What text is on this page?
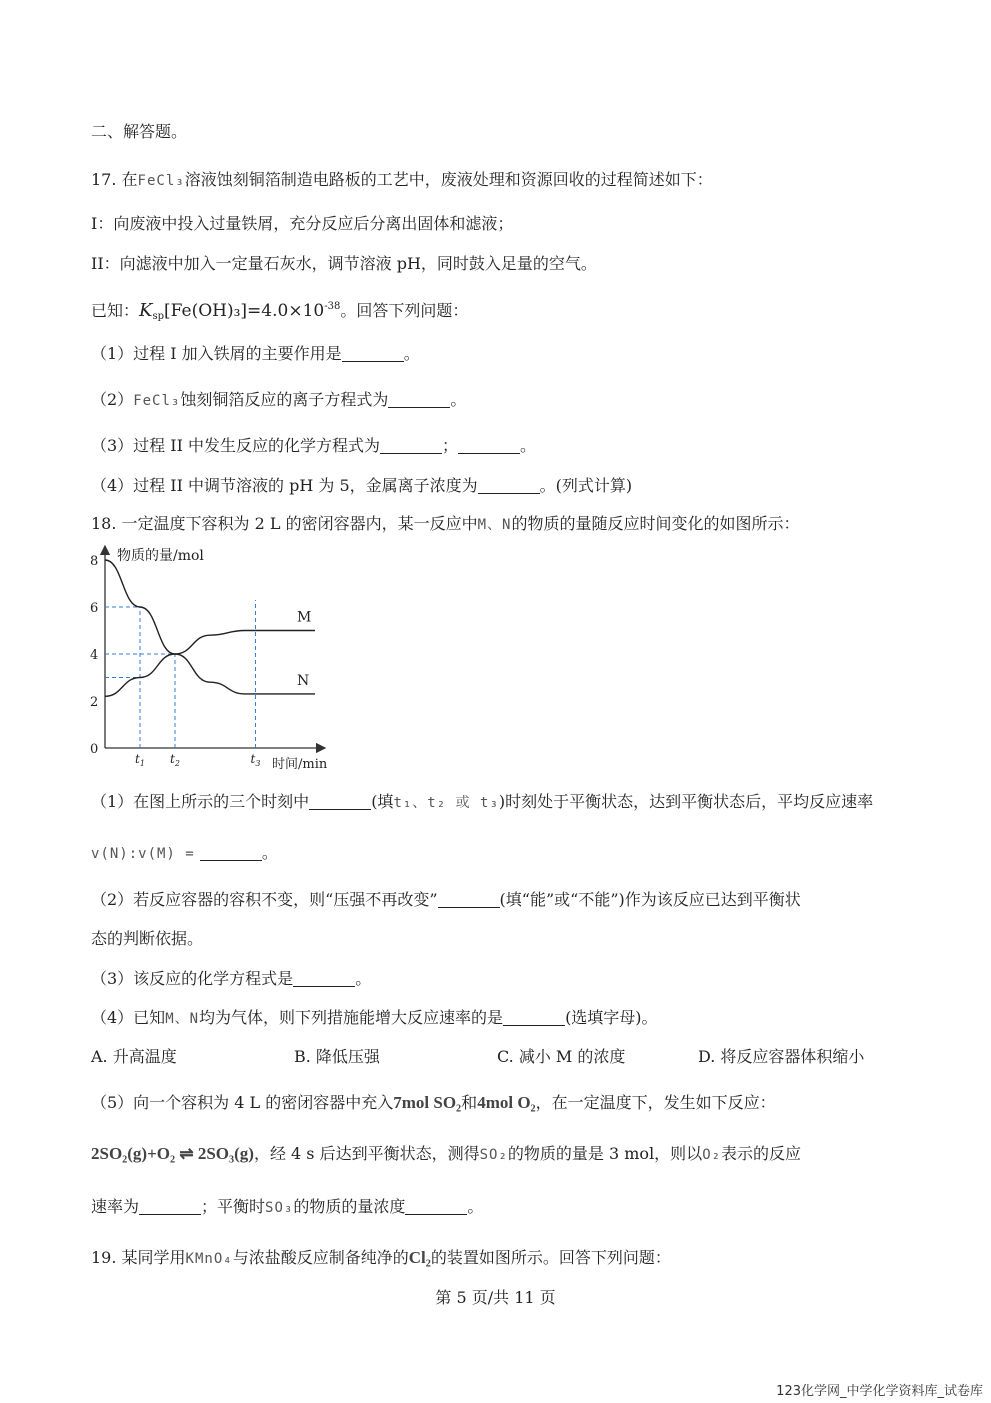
二、解答题。
17. 在FeCl₃溶液蚀刻铜箔制造电路板的工艺中，废液处理和资源回收的过程简述如下：
I：向废液中投入过量铁屑，充分反应后分离出固体和滤液；
II：向滤液中加入一定量石灰水，调节溶液 pH，同时鼓入足量的空气。
已知：$K_{sp}[Fe(OH)_3]=4.0\times 10^{-38}$。回答下列问题：
（1）过程 I 加入铁屑的主要作用是	。
（2）FeCl₃蚀刻铜箔反应的离子方程式为	。
（3）过程 II 中发生反应的化学方程式为	；	。
（4）过程 II 中调节溶液的 pH 为 5，金属离子浓度为	。(列式计算)
18. 一定温度下容积为 2 L 的密闭容器内，某一反应中M、N的物质的量随反应时间变化的如图所示：
物质的量/mol
时间/min
8
6
4
2
0
$t_1$ $t_2$	$t_3$
M
N
（1）在图上所示的三个时刻中	(填t₁、t₂ 或 t₃)时刻处于平衡状态，达到平衡状态后，平均反应速率
v(N):v(M) =	。
（2）若反应容器的容积不变，则“压强不再改变”	(填“能”或“不能”)作为该反应已达到平衡状
态的判断依据。
（3）该反应的化学方程式是	。
（4）已知M、N均为气体，则下列措施能增大反应速率的是	(选填字母)。
A. 升高温度	B. 降低压强	C. 减小 M 的浓度	D. 将反应容器体积缩小
（5）向一个容积为 4 L 的密闭容器中充入7mol SO₂和4mol O₂，在一定温度下，发生如下反应：
2SO₂(g)+O₂ ⇌ 2SO₃(g)，经 4 s 后达到平衡状态，测得SO₂的物质的量是 3 mol，则以O₂表示的反应
速率为	；平衡时SO₃的物质的量浓度	。
19. 某同学用KMnO₄与浓盐酸反应制备纯净的Cl₂的装置如图所示。回答下列问题：
第 5 页/共 11 页
123化学网_中学化学资料库_试卷库
